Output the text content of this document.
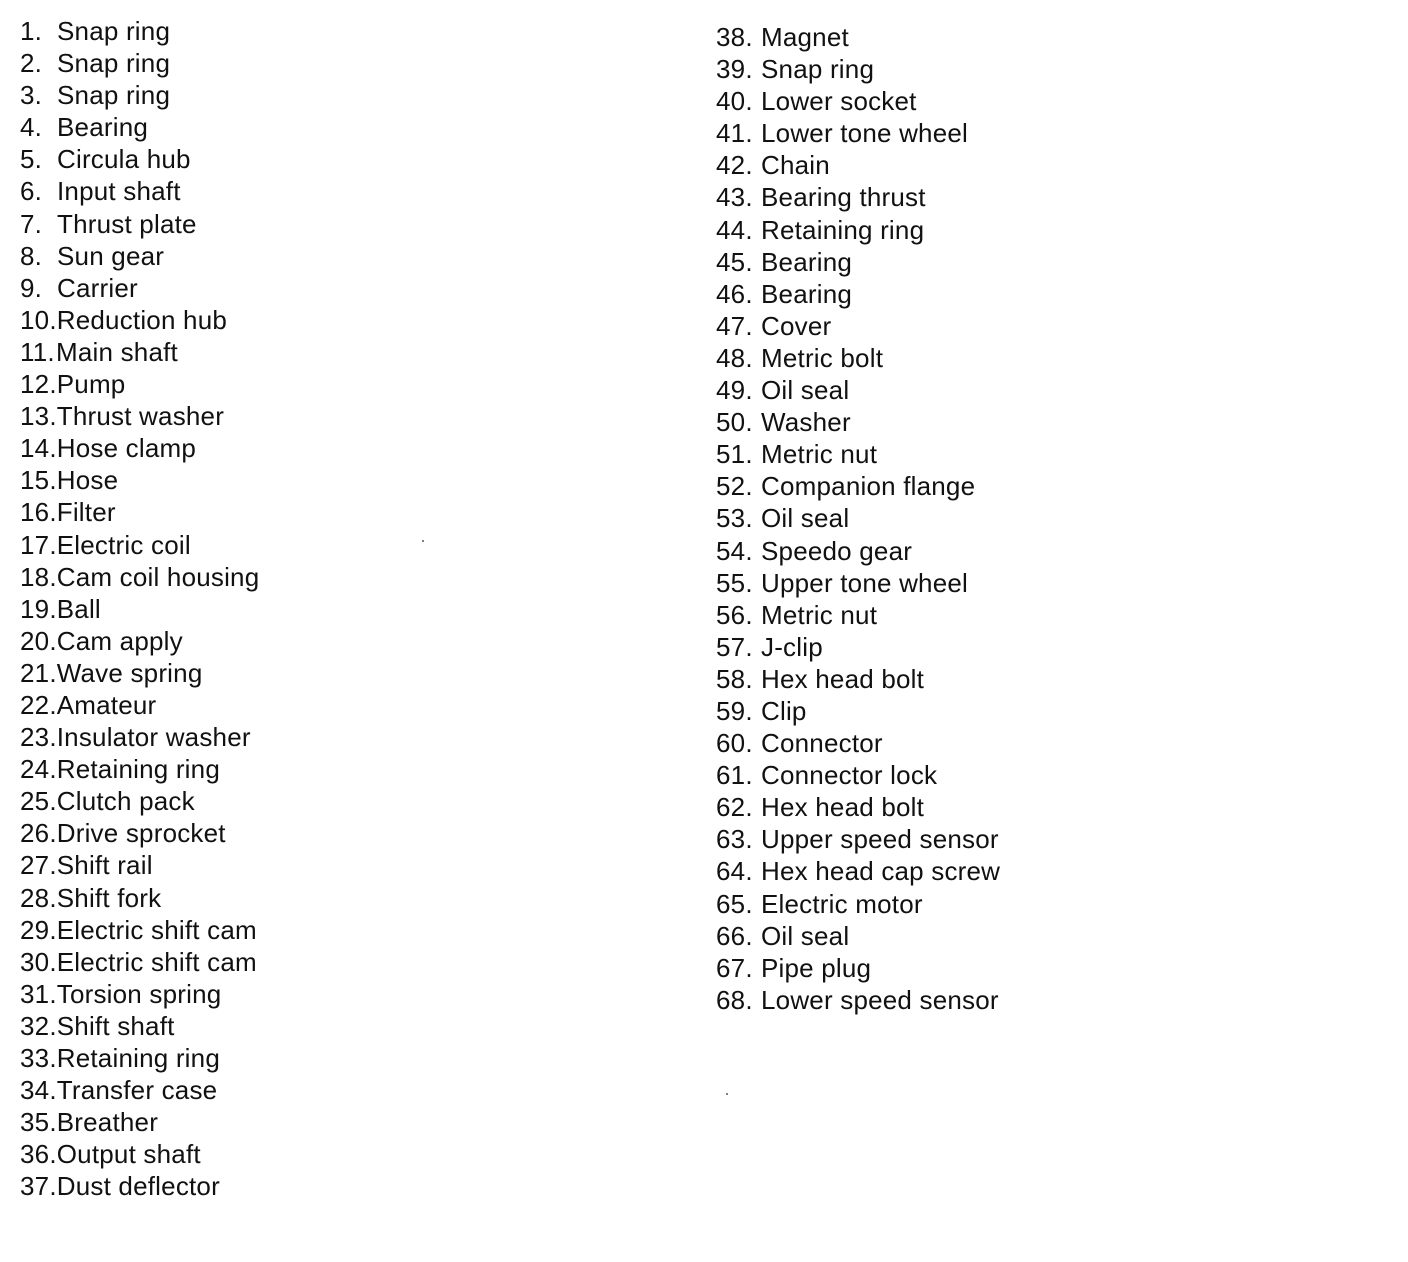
1. Snap ring
2. Snap ring
3. Snap ring
4. Bearing
5. Circula hub
6. Input shaft
7. Thrust plate
8. Sun gear
9. Carrier
10.Reduction hub
11.Main shaft
12.Pump
13.Thrust washer
14.Hose clamp
15.Hose
16.Filter
17.Electric coil
18.Cam coil housing
19.Ball
20.Cam apply
21.Wave spring
22.Amateur
23.Insulator washer
24.Retaining ring
25.Clutch pack
26.Drive sprocket
27.Shift rail
28.Shift fork
29.Electric shift cam
30.Electric shift cam
31.Torsion spring
32.Shift shaft
33.Retaining ring
34.Transfer case
35.Breather
36.Output shaft
37.Dust deflector
38. Magnet
39. Snap ring
40. Lower socket
41. Lower tone wheel
42. Chain
43. Bearing thrust
44. Retaining ring
45. Bearing
46. Bearing
47. Cover
48. Metric bolt
49. Oil seal
50. Washer
51. Metric nut
52. Companion flange
53. Oil seal
54. Speedo gear
55. Upper tone wheel
56. Metric nut
57. J-clip
58. Hex head bolt
59. Clip
60. Connector
61. Connector lock
62. Hex head bolt
63. Upper speed sensor
64. Hex head cap screw
65. Electric motor
66. Oil seal
67. Pipe plug
68. Lower speed sensor
